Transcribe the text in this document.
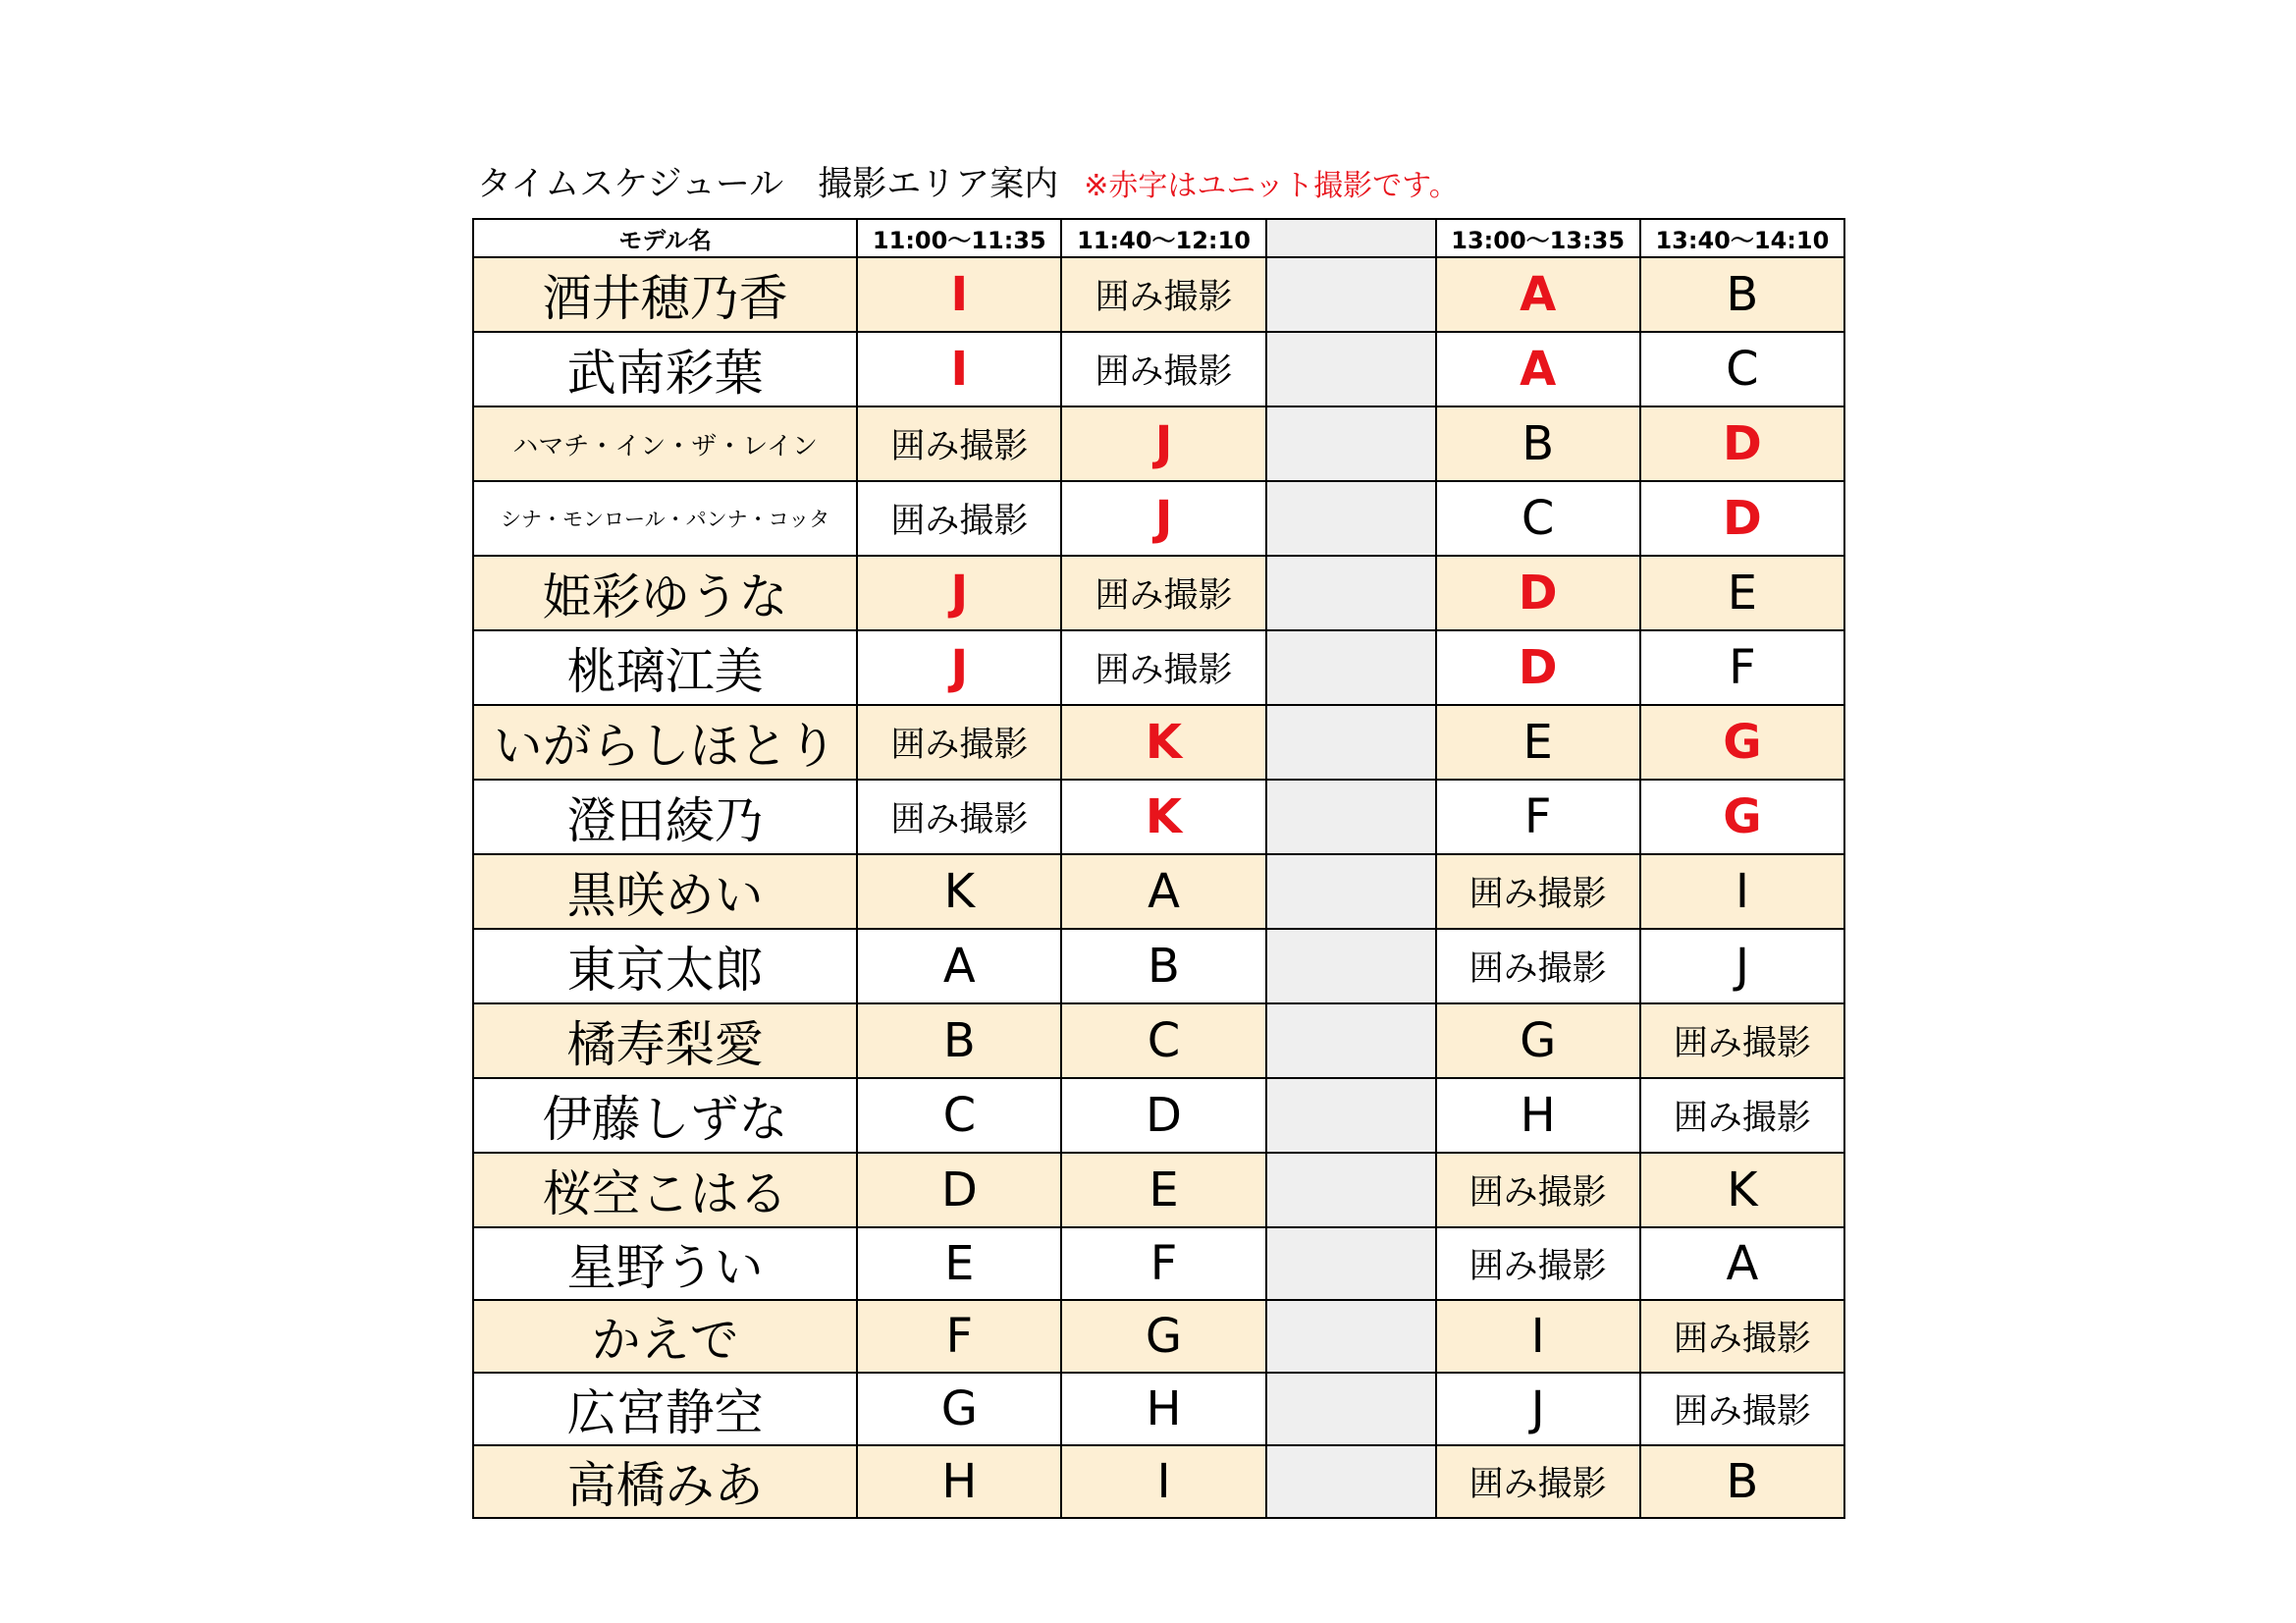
タイムスケジュール　撮影エリア案内 ※赤字はユニット撮影です。
モデル名	11:00〜11:35	11:40〜12:10		13:00〜13:35	13:40〜14:10
酒井穂乃香	I	囲み撮影		A	B
武南彩葉	I	囲み撮影		A	C
ハマチ・イン・ザ・レイン	囲み撮影	J		B	D
シナ・モンロール・パンナ・コッタ	囲み撮影	J		C	D
姫彩ゆうな	J	囲み撮影		D	E
桃璃江美	J	囲み撮影		D	F
いがらしほとり	囲み撮影	K		E	G
澄田綾乃	囲み撮影	K		F	G
黒咲めい	K	A		囲み撮影	I
東京太郎	A	B		囲み撮影	J
橘寿梨愛	B	C		G	囲み撮影
伊藤しずな	C	D		H	囲み撮影
桜空こはる	D	E		囲み撮影	K
星野うい	E	F		囲み撮影	A
かえで	F	G		I	囲み撮影
広宮静空	G	H		J	囲み撮影
高橋みあ	H	I		囲み撮影	B
